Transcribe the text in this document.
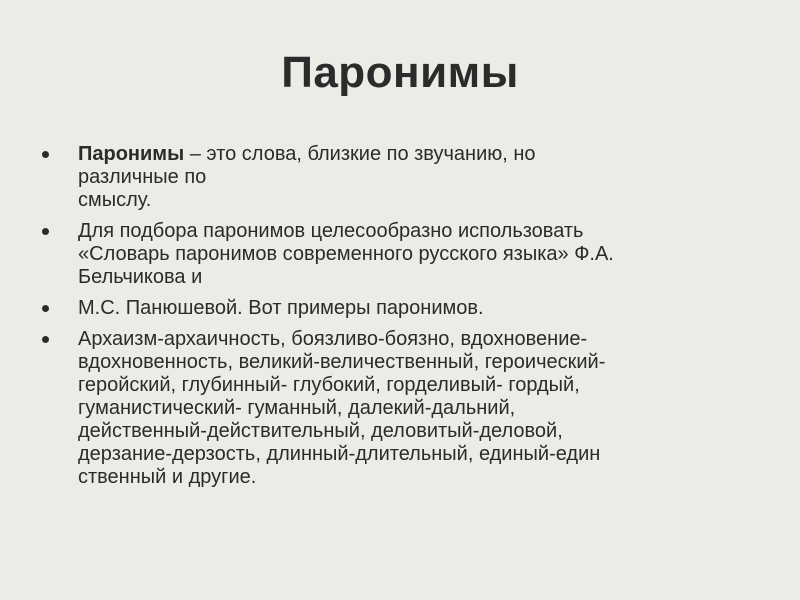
Паронимы
Паронимы – это слова, близкие по звучанию, но
различные по
смыслу.
Для подбора паронимов целесообразно использовать
«Словарь паронимов современного русского языка» Ф.А.
Бельчикова и
М.С. Панюшевой. Вот примеры паронимов.
Архаизм-архаичность, боязливо-боязно, вдохновение-
вдохновенность, великий-величественный, героический-
геройский, глубинный- глубокий, горделивый- гордый,
гуманистический- гуманный, далекий-дальний,
действенный-действительный, деловитый-деловой,
дерзание-дерзость, длинный-длительный, единый-един
ственный и другие.
